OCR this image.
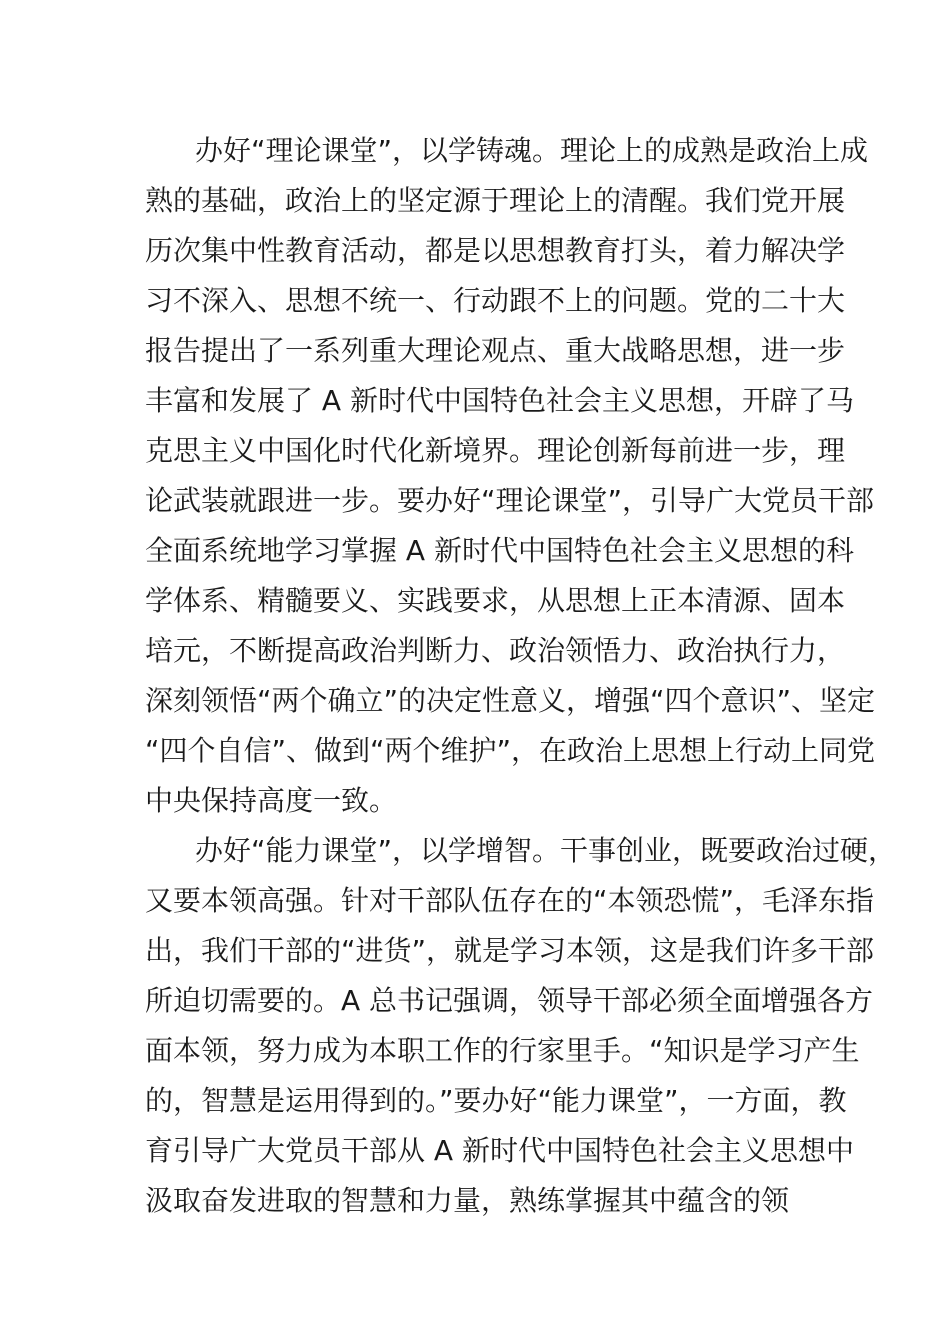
办好“理论课堂”，以学铸魂。理论上的成熟是政治上成
熟的基础，政治上的坚定源于理论上的清醒。我们党开展
历次集中性教育活动，都是以思想教育打头，着力解决学
习不深入、思想不统一、行动跟不上的问题。党的二十大
报告提出了一系列重大理论观点、重大战略思想，进一步
丰富和发展了 A 新时代中国特色社会主义思想，开辟了马
克思主义中国化时代化新境界。理论创新每前进一步，理
论武装就跟进一步。要办好“理论课堂”，引导广大党员干部
全面系统地学习掌握 A 新时代中国特色社会主义思想的科
学体系、精髓要义、实践要求，从思想上正本清源、固本
培元，不断提高政治判断力、政治领悟力、政治执行力，
深刻领悟“两个确立”的决定性意义，增强“四个意识”、坚定
“四个自信”、做到“两个维护”，在政治上思想上行动上同党
中央保持高度一致。
办好“能力课堂”，以学增智。干事创业，既要政治过硬，
又要本领高强。针对干部队伍存在的“本领恐慌”，毛泽东指
出，我们干部的“进货”，就是学习本领，这是我们许多干部
所迫切需要的。A 总书记强调，领导干部必须全面增强各方
面本领，努力成为本职工作的行家里手。“知识是学习产生
的，智慧是运用得到的。”要办好“能力课堂”，一方面，教
育引导广大党员干部从 A 新时代中国特色社会主义思想中
汲取奋发进取的智慧和力量，熟练掌握其中蕴含的领
